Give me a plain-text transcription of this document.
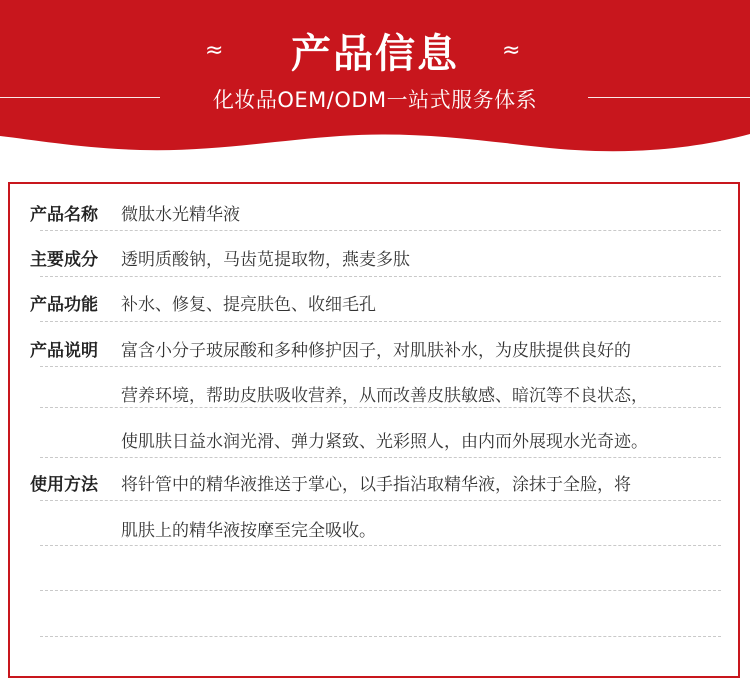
≈	产品信息	≈
化妆品OEM/ODM一站式服务体系
产品名称	微肽水光精华液
主要成分	透明质酸钠，马齿苋提取物，燕麦多肽
产品功能	补水、修复、提亮肤色、收细毛孔
产品说明	富含小分子玻尿酸和多种修护因子，对肌肤补水，为皮肤提供良好的
营养环境，帮助皮肤吸收营养，从而改善皮肤敏感、暗沉等不良状态，
使肌肤日益水润光滑、弹力紧致、光彩照人，由内而外展现水光奇迹。
使用方法	将针管中的精华液推送于掌心，以手指沾取精华液，涂抹于全脸，将
肌肤上的精华液按摩至完全吸收。
